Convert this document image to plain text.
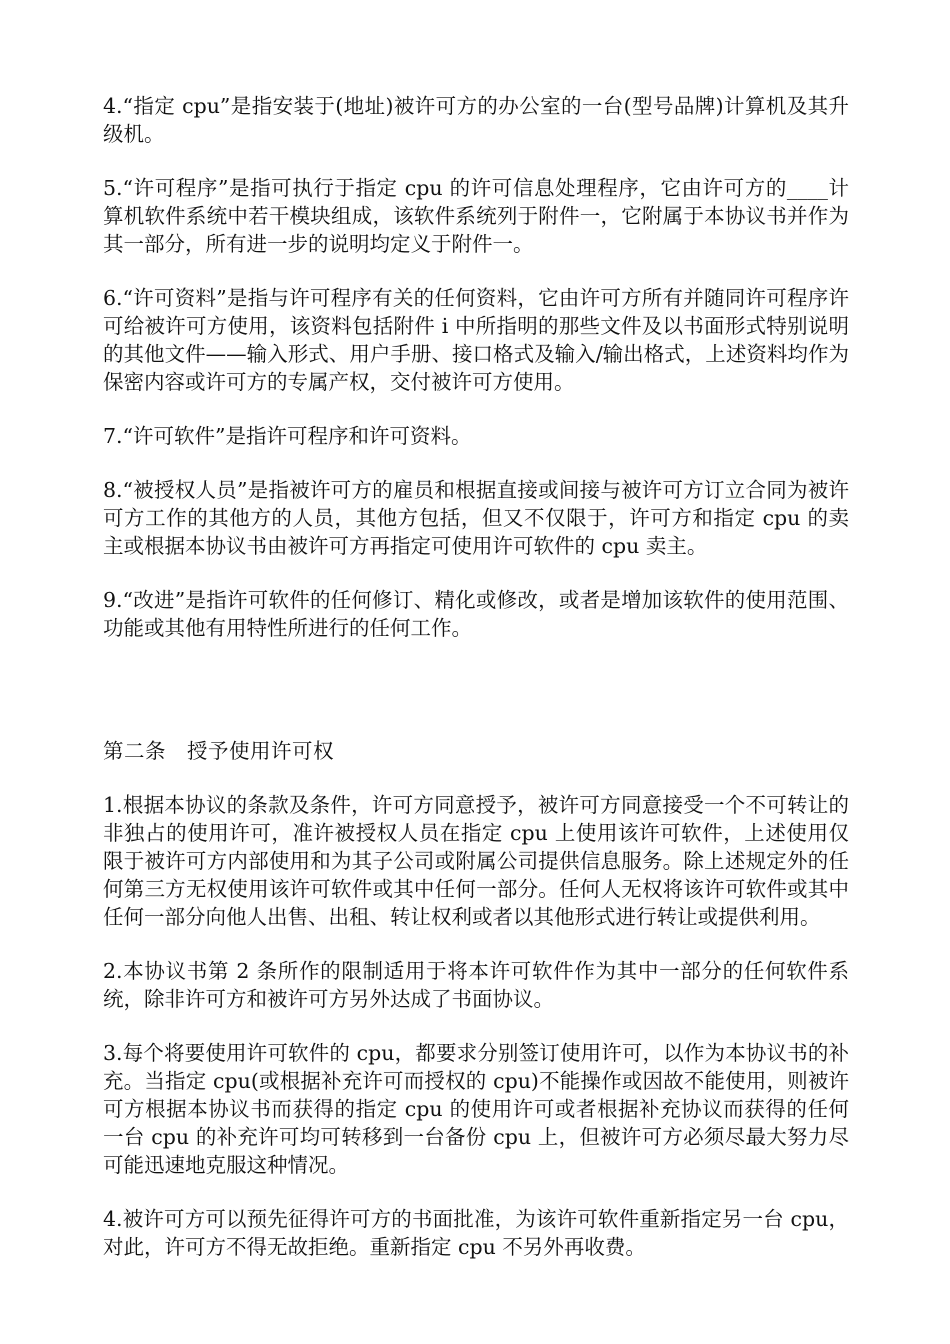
4.“指定 cpu”是指安装于(地址)被许可方的办公室的一台(型号品牌)计算机及其升级机。

5.“许可程序”是指可执行于指定 cpu 的许可信息处理程序，它由许可方的____计算机软件系统中若干模块组成，该软件系统列于附件一，它附属于本协议书并作为其一部分，所有进一步的说明均定义于附件一。

6.“许可资料”是指与许可程序有关的任何资料，它由许可方所有并随同许可程序许可给被许可方使用，该资料包括附件 i 中所指明的那些文件及以书面形式特别说明的其他文件——输入形式、用户手册、接口格式及输入/输出格式，上述资料均作为保密内容或许可方的专属产权，交付被许可方使用。

7.“许可软件”是指许可程序和许可资料。

8.“被授权人员”是指被许可方的雇员和根据直接或间接与被许可方订立合同为被许可方工作的其他方的人员，其他方包括，但又不仅限于，许可方和指定 cpu 的卖主或根据本协议书由被许可方再指定可使用许可软件的 cpu 卖主。

9.“改进”是指许可软件的任何修订、精化或修改，或者是增加该软件的使用范围、功能或其他有用特性所进行的任何工作。

第二条　授予使用许可权

1.根据本协议的条款及条件，许可方同意授予，被许可方同意接受一个不可转让的非独占的使用许可，准许被授权人员在指定 cpu 上使用该许可软件，上述使用仅限于被许可方内部使用和为其子公司或附属公司提供信息服务。除上述规定外的任何第三方无权使用该许可软件或其中任何一部分。任何人无权将该许可软件或其中任何一部分向他人出售、出租、转让权利或者以其他形式进行转让或提供利用。

2.本协议书第 2 条所作的限制适用于将本许可软件作为其中一部分的任何软件系统，除非许可方和被许可方另外达成了书面协议。

3.每个将要使用许可软件的 cpu，都要求分别签订使用许可，以作为本协议书的补充。当指定 cpu(或根据补充许可而授权的 cpu)不能操作或因故不能使用，则被许可方根据本协议书而获得的指定 cpu 的使用许可或者根据补充协议而获得的任何一台 cpu 的补充许可均可转移到一台备份 cpu 上，但被许可方必须尽最大努力尽可能迅速地克服这种情况。

4.被许可方可以预先征得许可方的书面批准，为该许可软件重新指定另一台 cpu，对此，许可方不得无故拒绝。重新指定 cpu 不另外再收费。
